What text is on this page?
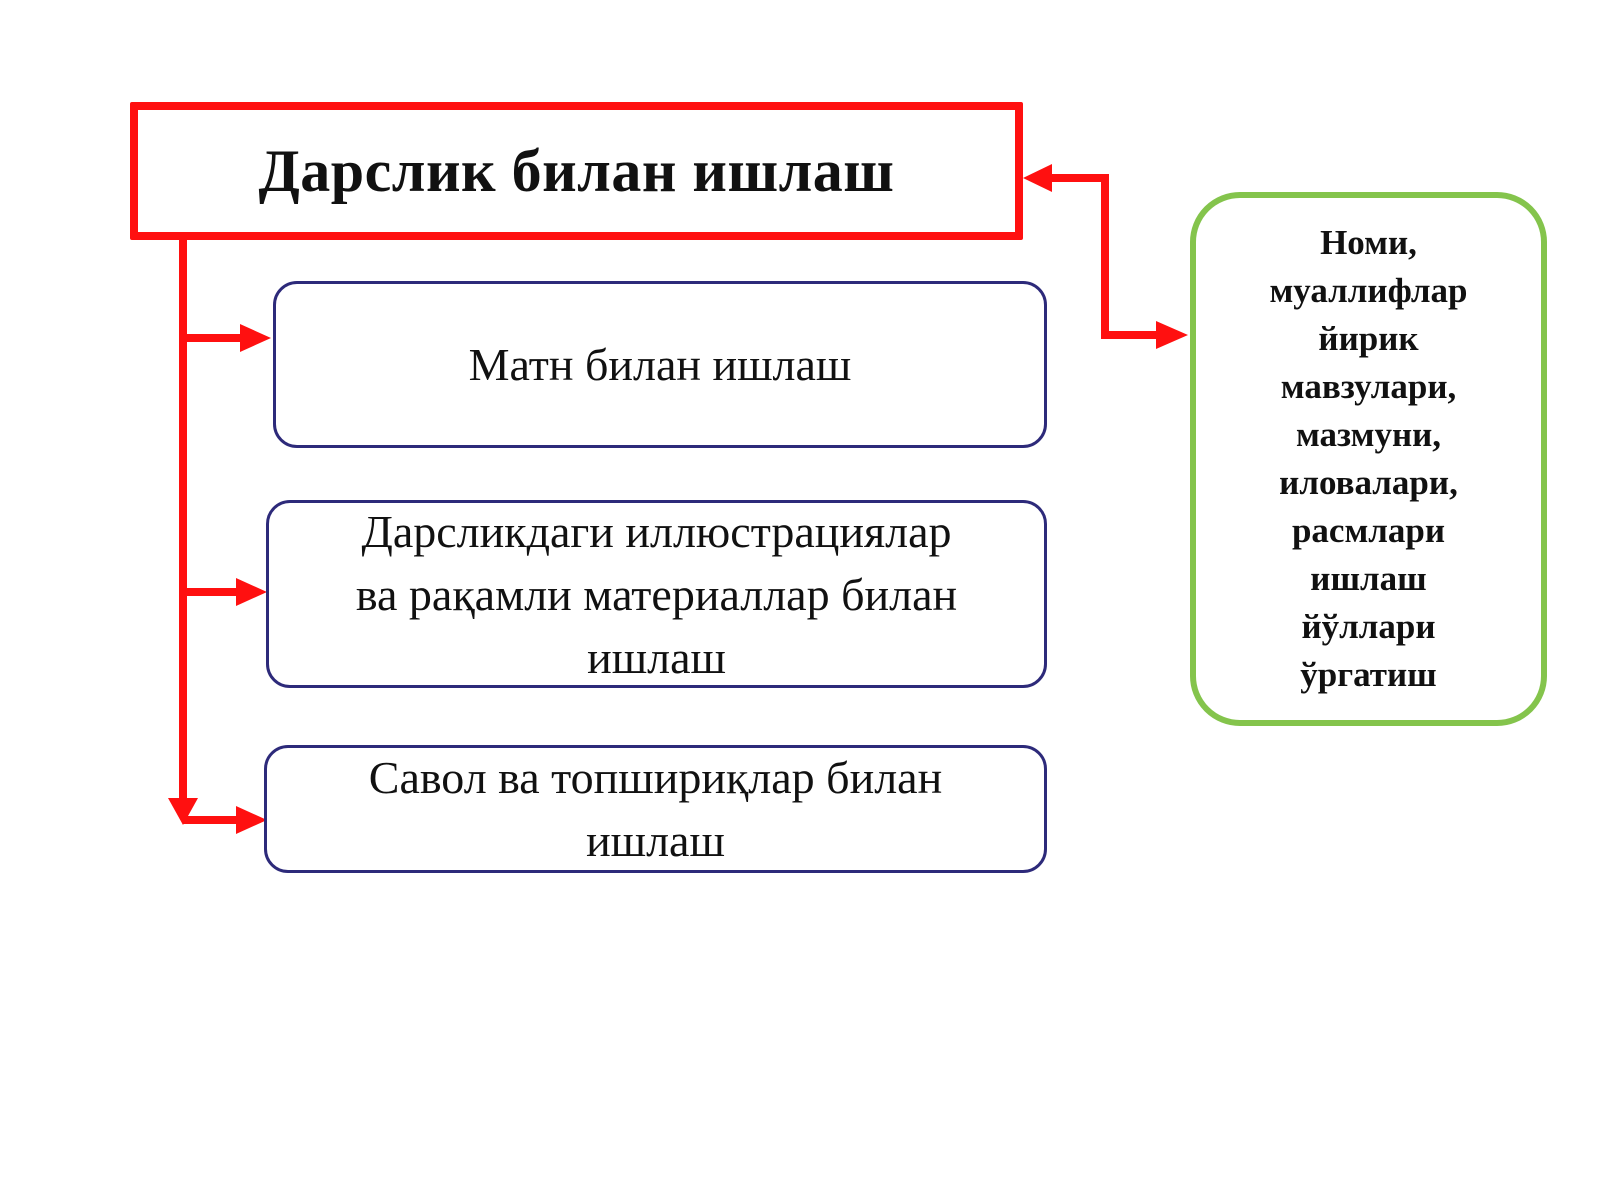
Дарслик билан ишлаш
Матн билан ишлаш
Дарсликдаги иллюстрациялар
ва рақамли материаллар билан
ишлаш
Савол ва топшириқлар билан
ишлаш
Номи,
муаллифлар
йирик
мавзулари,
мазмуни,
иловалари,
расмлари
ишлаш
йўллари
ўргатиш
